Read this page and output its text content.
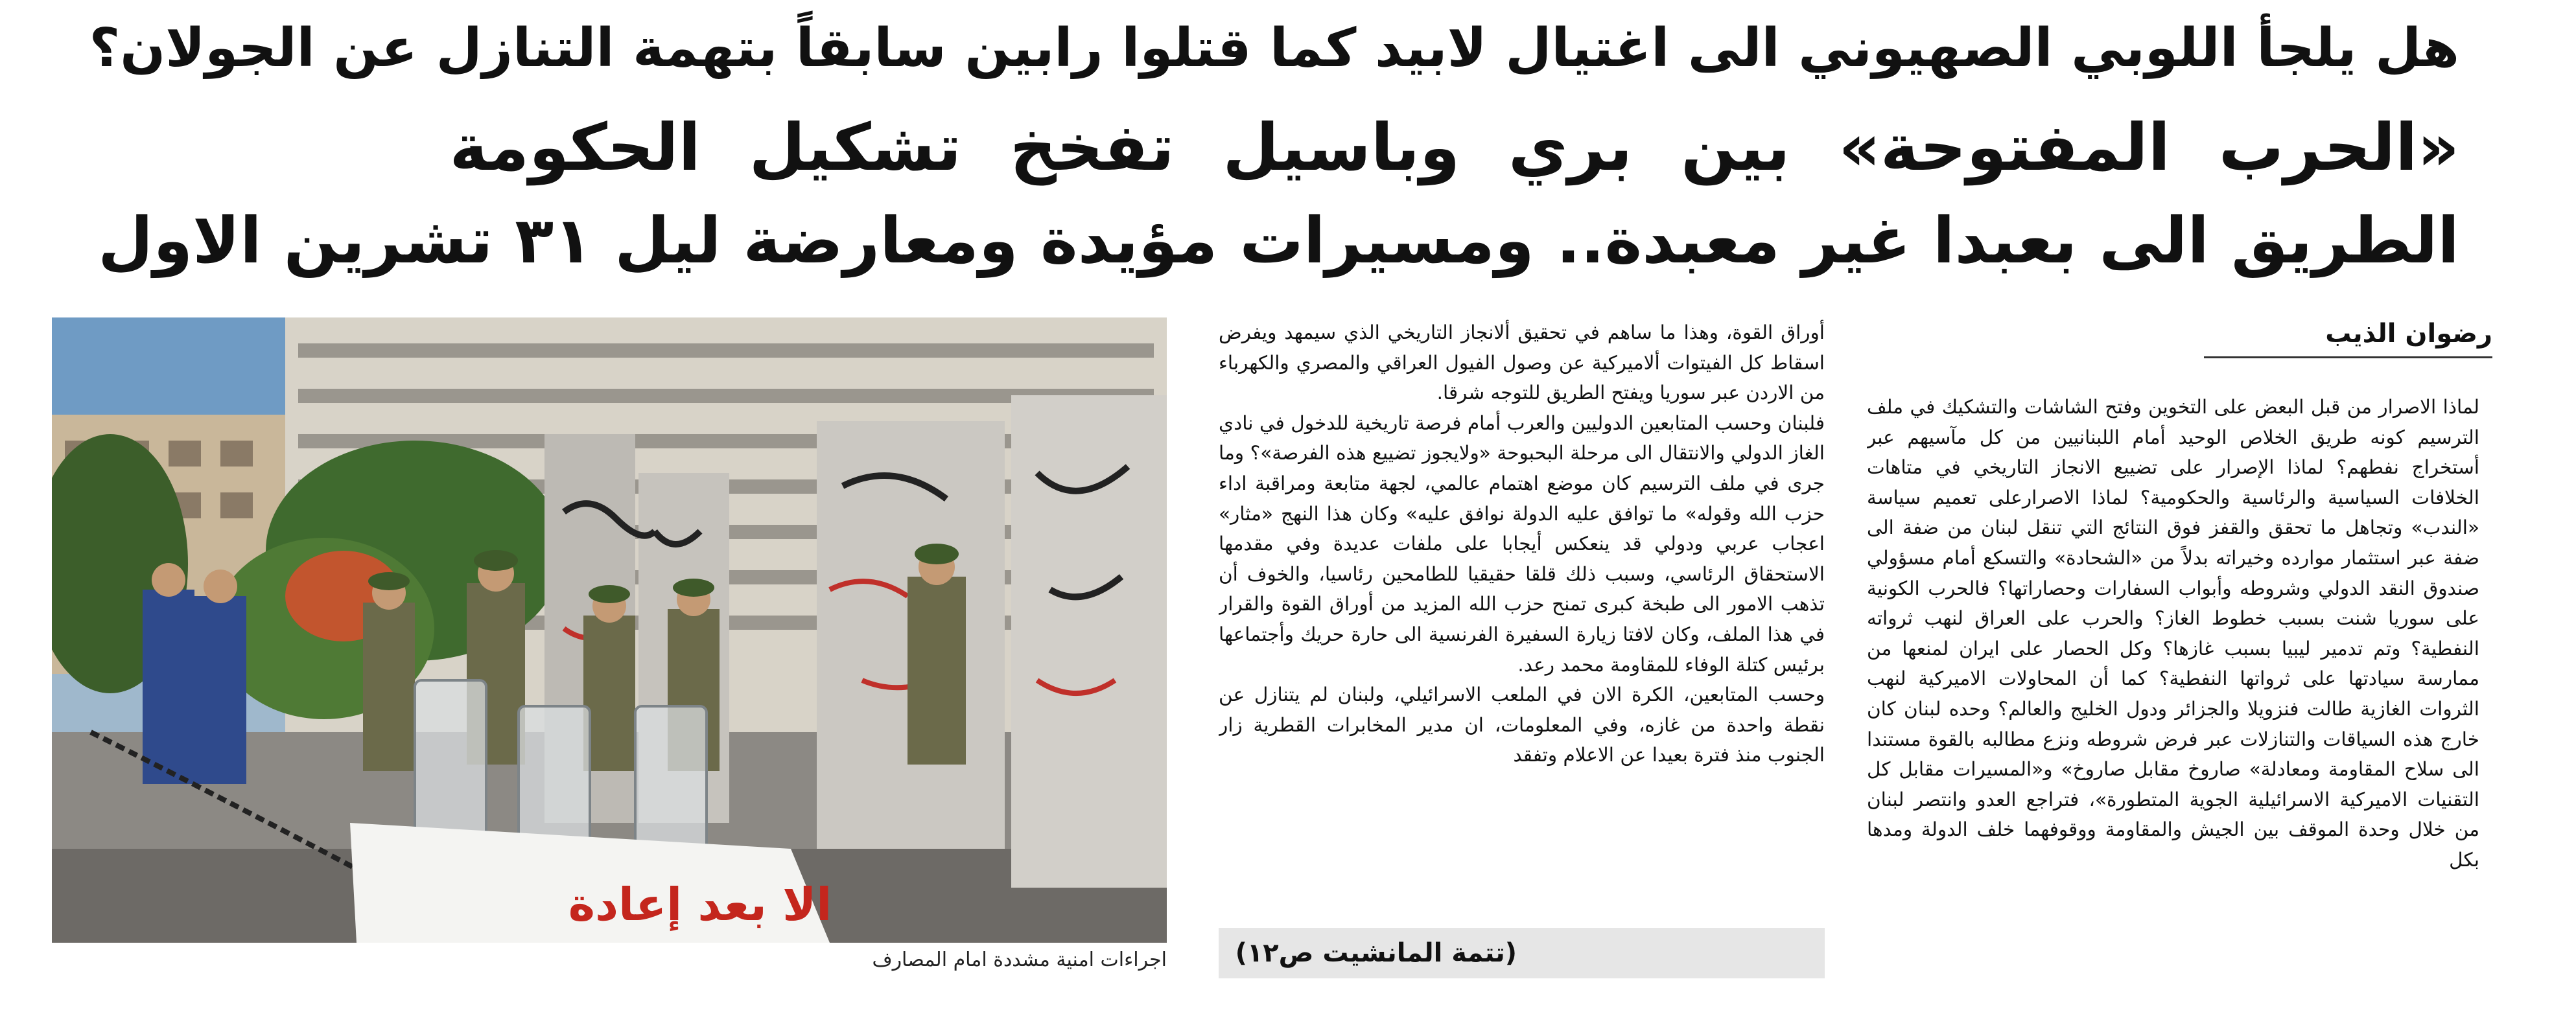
هل يلجأ اللوبي الصهيوني الى اغتيال لابيد كما قتلوا رابين سابقاً بتهمة التنازل عن الجولان؟
«الحرب المفتوحة» بين بري وباسيل تفخخ تشكيل الحكومة
الطريق الى بعبدا غير معبدة.. ومسيرات مؤيدة ومعارضة ليل ٣١ تشرين الاول
الا بعد إعادة
اجراءات امنية مشددة امام المصارف

أوراق القوة، وهذا ما ساهم في تحقيق ألانجاز التاريخي الذي سيمهد ويفرض اسقاط كل الفيتوات ألاميركية عن وصول الفيول العراقي والمصري والكهرباء من الاردن عبر سوريا ويفتح الطريق للتوجه شرقا.

فلبنان وحسب المتابعين الدوليين والعرب أمام فرصة تاريخية للدخول في نادي الغاز الدولي والانتقال الى مرحلة البحبوحة «ولايجوز تضييع هذه الفرصة»؟ وما جرى في ملف الترسيم كان موضع اهتمام عالمي، لجهة متابعة ومراقبة اداء حزب الله وقوله» ما توافق عليه الدولة نوافق عليه» وكان هذا النهج «مثار» اعجاب عربي ودولي قد ينعكس أيجابا على ملفات عديدة وفي مقدمها الاستحقاق الرئاسي، وسبب ذلك قلقا حقيقيا للطامحين رئاسيا، والخوف أن تذهب الامور الى طبخة كبرى تمنح حزب الله المزيد من أوراق القوة والقرار في هذا الملف، وكان لافتا زيارة السفيرة الفرنسية الى حارة حريك وأجتماعها برئيس كتلة الوفاء للمقاومة محمد رعد.

وحسب المتابعين، الكرة الان في الملعب الاسرائيلي، ولبنان لم يتنازل عن نقطة واحدة من غازه، وفي المعلومات، ان مدير المخابرات القطرية زار الجنوب منذ فترة بعيدا عن الاعلام وتفقد

(تتمة المانشيت ص١٢)
رضوان الذيب

لماذا الاصرار من قبل البعض على التخوين وفتح الشاشات والتشكيك في ملف الترسيم كونه طريق الخلاص الوحيد أمام اللبنانيين من كل مآسيهم عبر أستخراج نفطهم؟ لماذا الإصرار على تضييع الانجاز التاريخي في متاهات الخلافات السياسية والرئاسية والحكومية؟ لماذا الاصرارعلى تعميم سياسة «الندب» وتجاهل ما تحقق والقفز فوق النتائج التي تنقل لبنان من ضفة الى ضفة عبر استثمار موارده وخيراته بدلاً من «الشحادة» والتسكع أمام مسؤولي صندوق النقد الدولي وشروطه وأبواب السفارات وحصاراتها؟ فالحرب الكونية على سوريا شنت بسبب خطوط الغاز؟ والحرب على العراق لنهب ثرواته النفطية؟ وتم تدمير ليبيا بسبب غازها؟ وكل الحصار على ايران لمنعها من ممارسة سيادتها على ثرواتها النفطية؟ كما أن المحاولات الاميركية لنهب الثروات الغازية طالت فنزويلا والجزائر ودول الخليج والعالم؟ وحده لبنان كان خارج هذه السياقات والتنازلات عبر فرض شروطه ونزع مطالبه بالقوة مستندا الى سلاح المقاومة ومعادلة» صاروخ مقابل صاروخ» و«المسيرات مقابل كل التقنيات الاميركية الاسرائيلية الجوية المتطورة»، فتراجع العدو وانتصر لبنان من خلال وحدة الموقف بين الجيش والمقاومة ووقوفهما خلف الدولة ومدها بكل
